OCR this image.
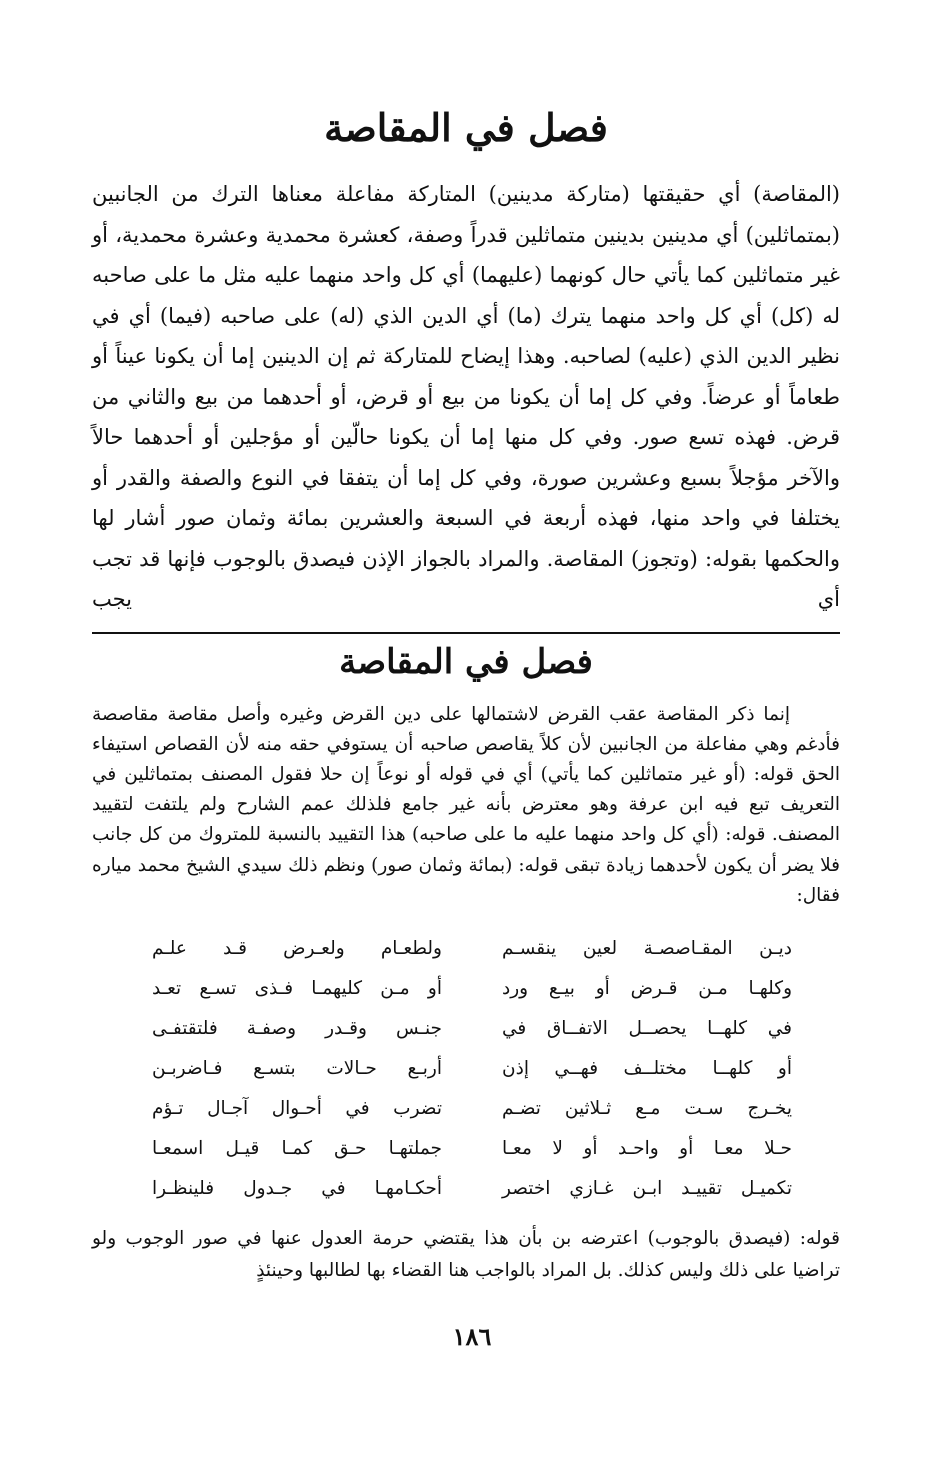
فصل في المقاصة

(المقاصة) أي حقيقتها (متاركة مدينين) المتاركة مفاعلة معناها الترك من الجانبين (بمتماثلين) أي مدينين بدينين متماثلين قدراً وصفة، كعشرة محمدية وعشرة محمدية، أو غير متماثلين كما يأتي حال كونهما (عليهما) أي كل واحد منهما عليه مثل ما على صاحبه له (كل) أي كل واحد منهما يترك (ما) أي الدين الذي (له) على صاحبه (فيما) أي في نظير الدين الذي (عليه) لصاحبه. وهذا إيضاح للمتاركة ثم إن الدينين إما أن يكونا عيناً أو طعاماً أو عرضاً. وفي كل إما أن يكونا من بيع أو قرض، أو أحدهما من بيع والثاني من قرض. فهذه تسع صور. وفي كل منها إما أن يكونا حالّين أو مؤجلين أو أحدهما حالاً والآخر مؤجلاً بسبع وعشرين صورة، وفي كل إما أن يتفقا في النوع والصفة والقدر أو يختلفا في واحد منها، فهذه أربعة في السبعة والعشرين بمائة وثمان صور أشار لها والحكمها بقوله: (وتجوز) المقاصة. والمراد بالجواز الإذن فيصدق بالوجوب فإنها قد تجب أي يجب

فصل في المقاصة

إنما ذكر المقاصة عقب القرض لاشتمالها على دين القرض وغيره وأصل مقاصة مقاصصة فأدغم وهي مفاعلة من الجانبين لأن كلاً يقاصص صاحبه أن يستوفي حقه منه لأن القصاص استيفاء الحق قوله: (أو غير متماثلين كما يأتي) أي في قوله أو نوعاً إن حلا فقول المصنف بمتماثلين في التعريف تبع فيه ابن عرفة وهو معترض بأنه غير جامع فلذلك عمم الشارح ولم يلتفت لتقييد المصنف. قوله: (أي كل واحد منهما عليه ما على صاحبه) هذا التقييد بالنسبة للمتروك من كل جانب فلا يضر أن يكون لأحدهما زيادة تبقى قوله: (بمائة وثمان صور) ونظم ذلك سيدي الشيخ محمد مياره فقال:

ديـن المقـاصصـة لعين ينقسـم
ولطعـام ولعـرض قـد علـم
وكلهـا مـن قـرض أو بيـع ورد
أو مـن كليهمـا فـذى تسـع تعـد
في كلهــا يحصــل الاتفــاق في
جنـس وقـدر وصفـة فلتقتفـى
أو كلهــا مختلــف فهــي إذن
أربـع حـالات بتسـع فـاضربـن
يخـرج سـت مـع ثـلاثين تضـم
تضرب في أحـوال آجـال تـؤم
حـلا معـا أو واحـد أو لا معـا
جملتهـا حـق كمـا قيـل اسمعـا
تكميـل تقييـد ابـن غـازي اختصر
أحكـامهـا في جـدول فلينظـرا

قوله: (فيصدق بالوجوب) اعترضه بن بأن هذا يقتضي حرمة العدول عنها في صور الوجوب ولو تراضيا على ذلك وليس كذلك. بل المراد بالواجب هنا القضاء بها لطالبها وحينئذٍ

١٨٦
